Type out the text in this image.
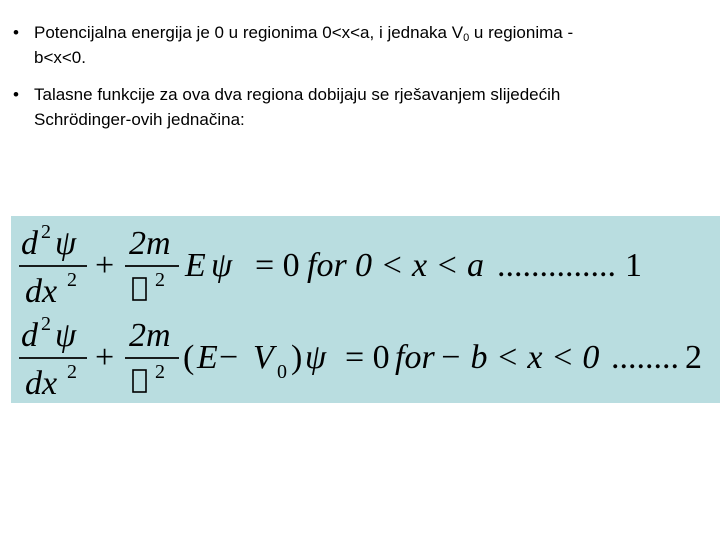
• Potencijalna energija je 0 u regionima 0<x<a, i jednaka $V_0$ u regionima -
b<x<0.
• Talasne funkcije za ova dva regiona dobijaju se rješavanjem slijedećih
Schrödinger-ovih jednačina:
d 2 ψ
dx 2 +
2m
2 E ψ = 0 for 0 < x < a .............. 1
d 2 ψ
dx 2 +
2m
2 ( E − V 0 ) ψ = 0 for − b < x < 0 ........ 2
